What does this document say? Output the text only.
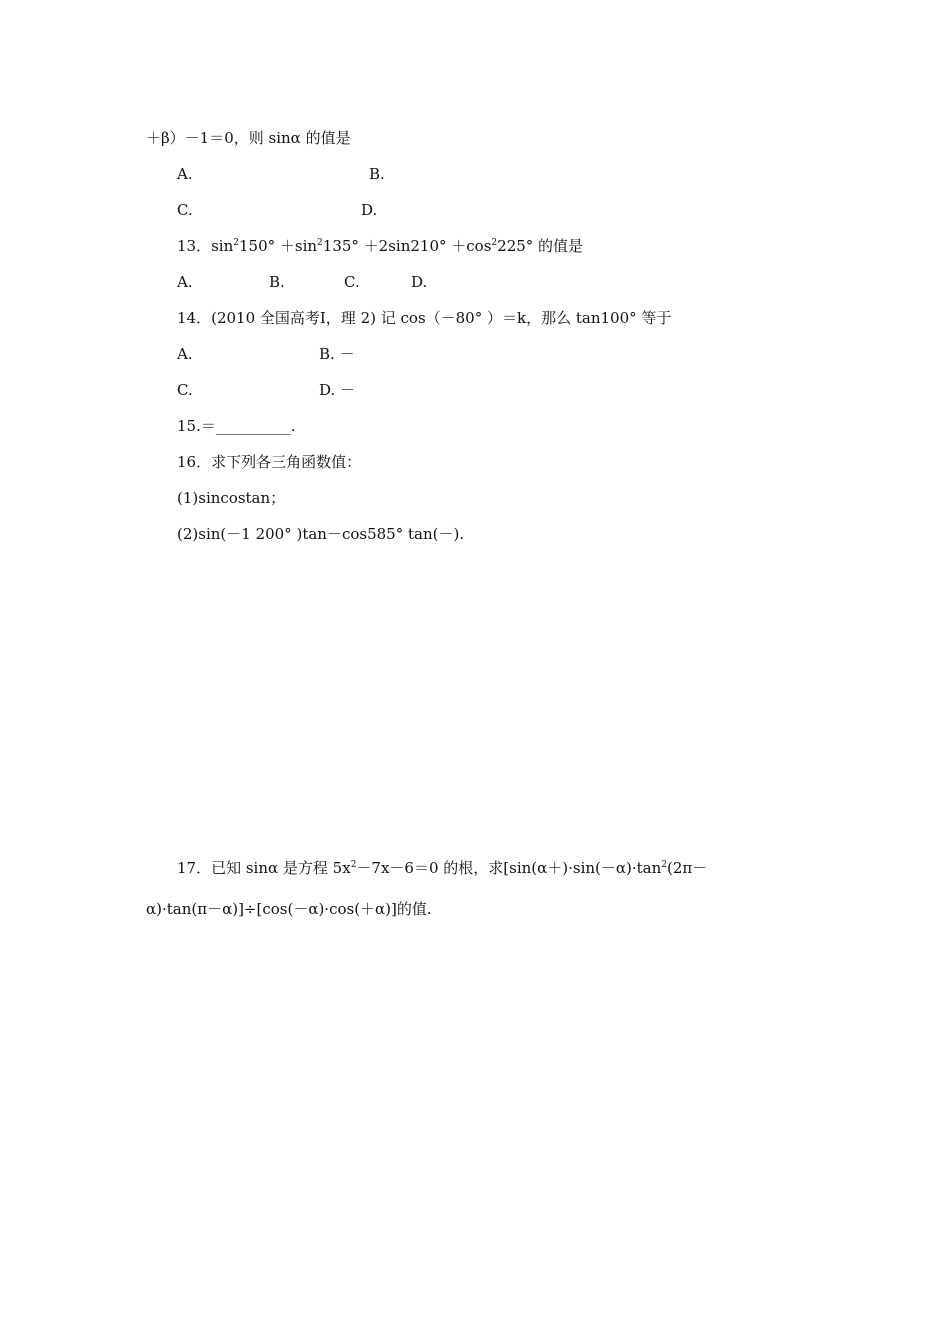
＋β）－1＝0，则 sinα 的值是
A.	B.
C.	D.
13．$\sin^2150^\circ +\sin^2135^\circ +2\sin 210^\circ +\cos^2225^\circ$ 的值是
A.	B.	C.	D.
14．(2010 全国高考Ⅰ，理 2) 记 cos（－80° ）＝k，那么 tan100° 等于
A.	B. －
C.	D. －
15.＝__________.
16．求下列各三角函数值：
(1)sincostan；
(2)sin(－1 200° )tan－cos585° tan(－).
17．已知 sinα 是方程 $5x^2-7x-6=0$ 的根，求[$\sin(\alpha+)\cdot\sin(-\alpha)\cdot\tan^2(2\pi-$
α)·tan(π－α)]÷[cos(－α)·cos(＋α)]的值.
